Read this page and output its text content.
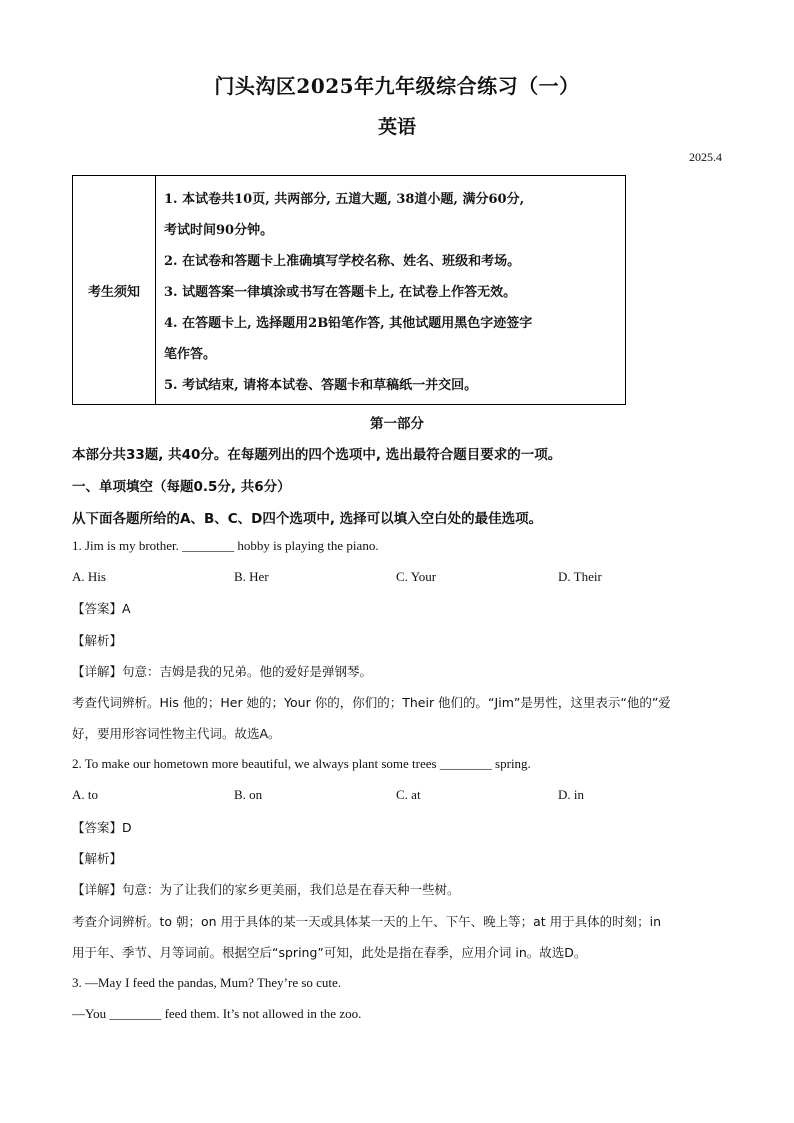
门头沟区2025年九年级综合练习（一）
英语
2025.4
考生须知
1. 本试卷共10页, 共两部分, 五道大题, 38道小题, 满分60分,
考试时间90分钟。
2. 在试卷和答题卡上准确填写学校名称、姓名、班级和考场。
3. 试题答案一律填涂或书写在答题卡上, 在试卷上作答无效。
4. 在答题卡上, 选择题用2B铅笔作答, 其他试题用黑色字迹签字
笔作答。
5. 考试结束, 请将本试卷、答题卡和草稿纸一并交回。
第一部分
本部分共33题, 共40分。在每题列出的四个选项中, 选出最符合题目要求的一项。
一、单项填空（每题0.5分, 共6分）
从下面各题所给的A、B、C、D四个选项中, 选择可以填入空白处的最佳选项。
1. Jim is my brother. ________ hobby is playing the piano.
A. His	B. Her	C. Your	D. Their
【答案】A
【解析】
【详解】句意：吉姆是我的兄弟。他的爱好是弹钢琴。
考查代词辨析。His 他的；Her 她的；Your 你的，你们的；Their 他们的。“Jim”是男性，这里表示“他的”爱
好，要用形容词性物主代词。故选A。
2. To make our hometown more beautiful, we always plant some trees ________ spring.
A. to	B. on	C. at	D. in
【答案】D
【解析】
【详解】句意：为了让我们的家乡更美丽，我们总是在春天种一些树。
考查介词辨析。to 朝；on 用于具体的某一天或具体某一天的上午、下午、晚上等；at 用于具体的时刻；in
用于年、季节、月等词前。根据空后“spring”可知，此处是指在春季，应用介词 in。故选D。
3. —May I feed the pandas, Mum? They’re so cute.
—You ________ feed them. It’s not allowed in the zoo.
